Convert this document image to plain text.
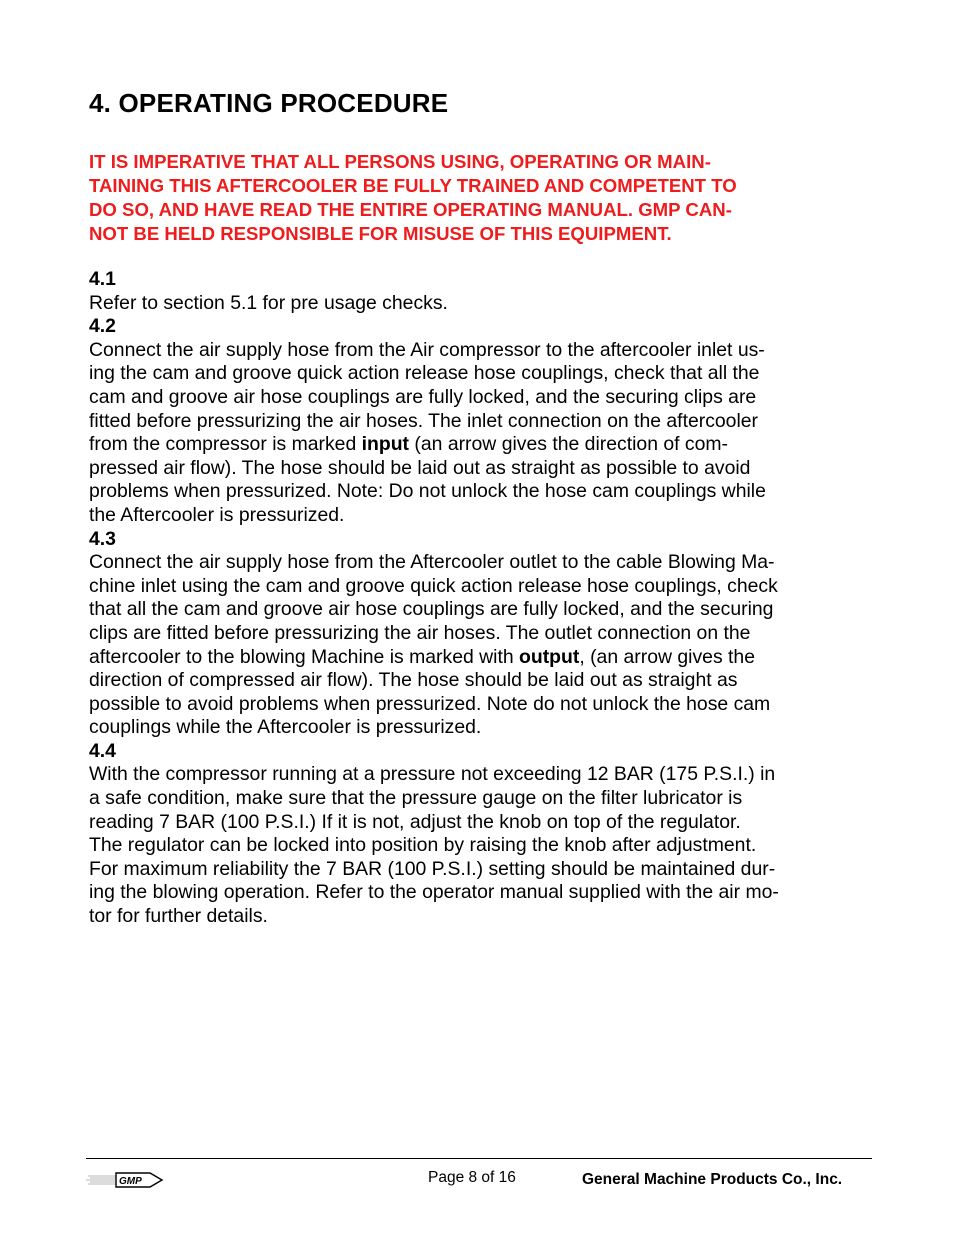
4. OPERATING PROCEDURE
IT IS IMPERATIVE THAT ALL PERSONS USING, OPERATING OR MAIN-
TAINING THIS AFTERCOOLER BE FULLY TRAINED AND COMPETENT TO
DO SO, AND HAVE READ THE ENTIRE OPERATING MANUAL. GMP CAN-
NOT BE HELD RESPONSIBLE FOR MISUSE OF THIS EQUIPMENT.
4.1
Refer to section 5.1 for pre usage checks.
4.2
Connect the air supply hose from the Air compressor to the aftercooler inlet us-
ing the cam and groove quick action release hose couplings, check that all the
cam and groove air hose couplings are fully locked, and the securing clips are
fitted before pressurizing the air hoses. The inlet connection on the aftercooler
from the compressor is marked input (an arrow gives the direction of com-
pressed air flow). The hose should be laid out as straight as possible to avoid
problems when pressurized. Note: Do not unlock the hose cam couplings while
the Aftercooler is pressurized.
4.3
Connect the air supply hose from the Aftercooler outlet to the cable Blowing Ma-
chine inlet using the cam and groove quick action release hose couplings, check
that all the cam and groove air hose couplings are fully locked, and the securing
clips are fitted before pressurizing the air hoses. The outlet connection on the
aftercooler to the blowing Machine is marked with output, (an arrow gives the
direction of compressed air flow). The hose should be laid out as straight as
possible to avoid problems when pressurized. Note do not unlock the hose cam
couplings while the Aftercooler is pressurized.
4.4
With the compressor running at a pressure not exceeding 12 BAR (175 P.S.I.) in
a safe condition, make sure that the pressure gauge on the filter lubricator is
reading 7 BAR (100 P.S.I.) If it is not, adjust the knob on top of the regulator.
The regulator can be locked into position by raising the knob after adjustment.
For maximum reliability the 7 BAR (100 P.S.I.) setting should be maintained dur-
ing the blowing operation. Refer to the operator manual supplied with the air mo-
tor for further details.
GMP	Page 8 of 16	General Machine Products Co., Inc.
